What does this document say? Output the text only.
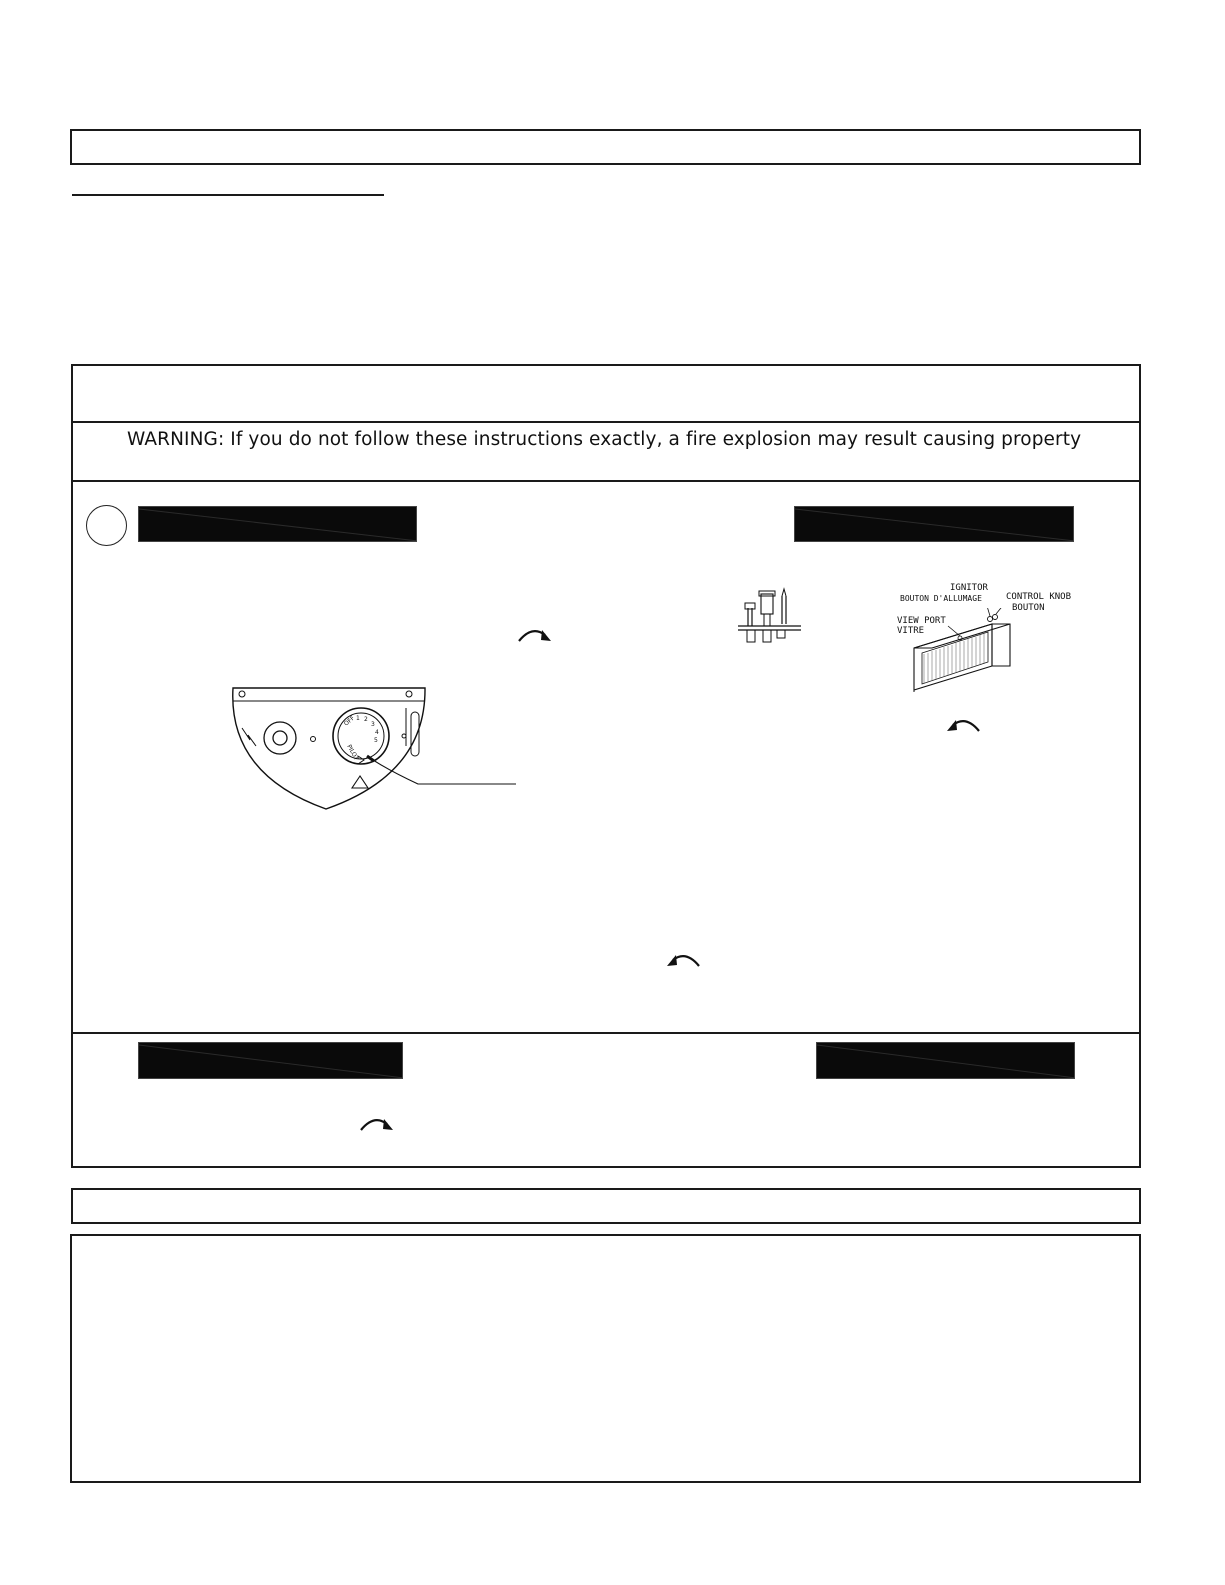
WARNING: If you do not follow these instructions exactly, a fire explosion may result causing property
OFF 1 2
3
4
5
PILOT
IGNITOR
BOUTON D'ALLUMAGE	CONTROL KNOB
BOUTON
VIEW PORT
VITRE
